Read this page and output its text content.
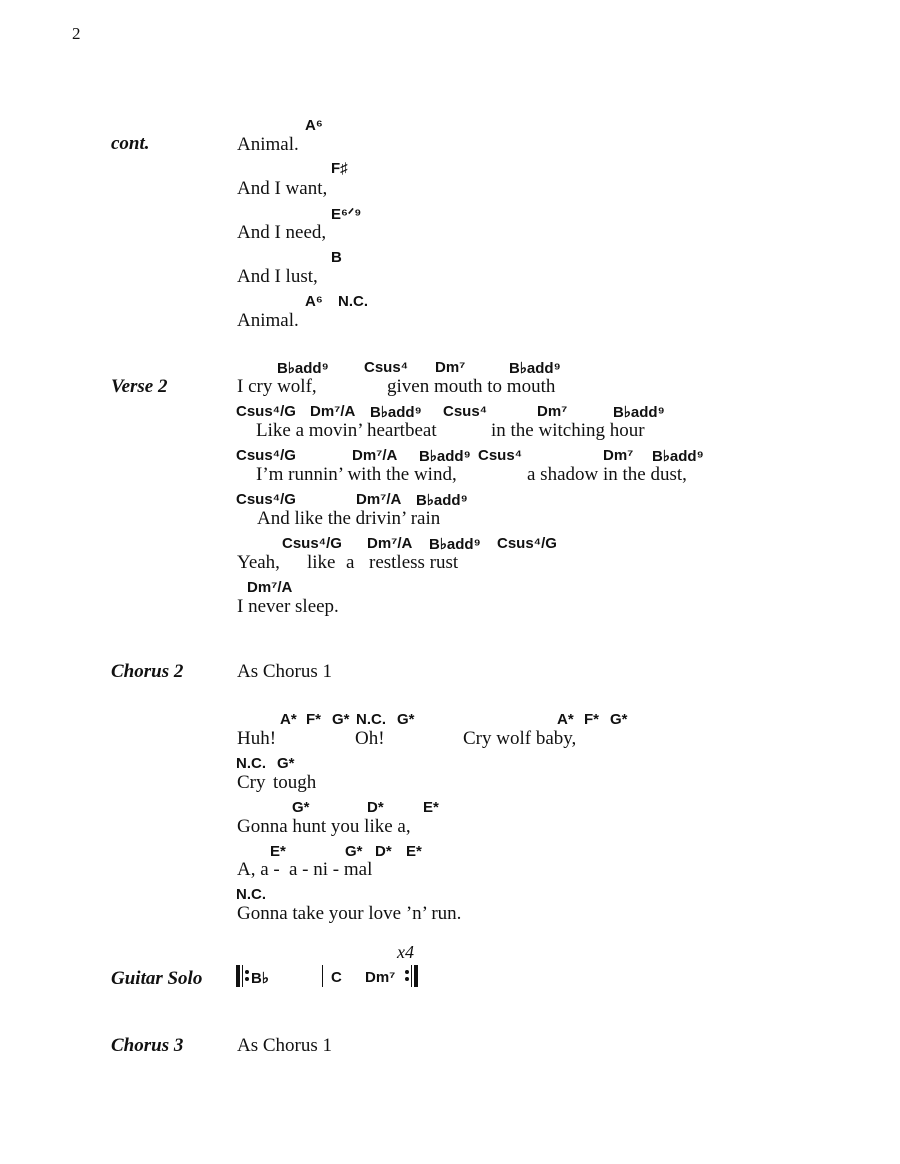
2
cont.
A⁶
Animal.
F♯
And I want,
E⁶ᐟ⁹
And I need,
B
And I lust,
A⁶ N.C.
Animal.
Verse 2
B♭add⁹ Csus⁴ Dm⁷	B♭add⁹
I cry wolf,	given mouth to mouth
Csus⁴/G Dm⁷/A B♭add⁹ Csus⁴	Dm⁷	B♭add⁹
Like a movin’ heartbeat	in the witching hour
Csus⁴/G	Dm⁷/A B♭add⁹ Csus⁴	Dm⁷ B♭add⁹
I’m runnin’ with the wind,	a shadow in the dust,
Csus⁴/G	Dm⁷/A B♭add⁹
And like the drivin’ rain
Csus⁴/G Dm⁷/A B♭add⁹ Csus⁴/G
Yeah, like a restless rust
Dm⁷/A
I never sleep.
Chorus 2	As Chorus 1
A* F* G* N.C. G*	A* F* G*
Huh!	Oh!	Cry wolf baby,
N.C. G*
Cry tough
G*	D*	E*
Gonna hunt you like a,
E*	G* D* E*
A, a - a - ni - mal
N.C.
Gonna take your love ’n’ run.
Guitar Solo
x4
B♭	C Dm⁷
Chorus 3	As Chorus 1
